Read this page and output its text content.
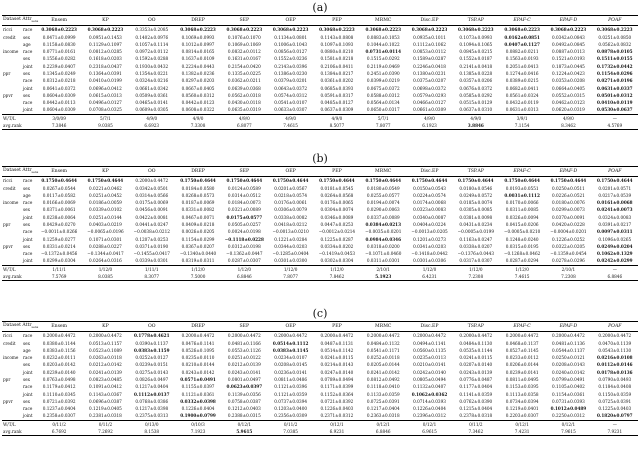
(a)
Dataset Attr$_{sens}$		Ensem	KP	OO	DREP	SEP	OEP	PEP	MRMC	Disc.EP	TSP.AP	EPAF-C	EPAF-D	POAF
ricci	race	0.3068±0.2223	0.3068±0.2223	0.3353±0.2085	0.3068±0.2223	0.3068±0.2223	0.3068±0.2223	0.3068±0.2223	0.3068±0.2223	0.3068±0.2223	0.3068±0.2223	0.3068±0.2223	0.3068±0.2223	0.3068±0.2223
credit	sex	0.0471±0.0999	0.0951±0.1453	0.1402±0.0976	0.1069±0.0993	0.1076±0.1070	0.1134±0.0801	0.1143±0.0808	0.0883±0.1053	0.0935±0.1011	0.1073±0.0993	0.0162±0.0851	0.0342±0.0843	0.0251±0.0850
	age	0.1158±0.0830	0.1129±0.1097	0.1057±0.1114	0.1012±0.0997	0.1069±0.1069	0.1006±0.1043	0.1097±0.1093	0.1044±0.1022	0.1112±0.1062	0.1094±0.1065	0.0407±0.1127	0.0492±0.0845	0.0562±0.0832
income	race	0.0771±0.0161	0.0812±0.0285	0.0972±0.0112	0.0814±0.0165	0.0832±0.0112	0.0856±0.0127	0.0880±0.0210	0.0731±0.0114	0.0853±0.0112	0.0845±0.0215	0.0882±0.0211	0.0887±0.0113	0.0878±0.0105
	sex	0.1556±0.0282	0.1618±0.0203	0.1592±0.0288	0.1637±0.0109	0.1631±0.0167	0.1552±0.0236	0.1581±0.0218	0.1515±0.0292	0.1589±0.0287	0.1552±0.0187	0.1563±0.0193	0.1521±0.0193	0.1511±0.0155
	joint	0.2239±0.0407	0.2318±0.0437	0.1930±0.0432	0.2224±0.0443	0.2154±0.0420	0.2143±0.0396	0.2106±0.0411	0.2119±0.0469	0.2246±0.0418	0.2141±0.0418	0.2051±0.0413	0.1873±0.0445	0.1732±0.0442
ppr	sex	0.1345±0.0249	0.1364±0.0391	0.1354±0.0221	0.1382±0.0236	0.1335±0.0225	0.1386±0.0230	0.1384±0.0217	0.2451±0.0390	0.1380±0.0231	0.1385±0.0228	0.1274±0.0416	0.1224±0.0423	0.1154±0.0296
	race	0.0312±0.0218	0.0410±0.0199	0.0324±0.0216	0.0297±0.0203	0.0362±0.0211	0.0379±0.0201	0.0361±0.0202	0.0399±0.0219	0.0375±0.0207	0.0357±0.0206	0.0389±0.0215	0.0353±0.0208	0.0271±0.0196
	joint	0.0641±0.0372	0.0696±0.0412	0.0661±0.0342	0.0667±0.0405	0.0639±0.0368	0.0643±0.0372	0.0685±0.0393	0.0675±0.0372	0.0698±0.0372	0.0676±0.0372	0.0682±0.0411	0.0664±0.0405	0.0631±0.0337
ppvr	sex	0.0604±0.0309	0.0615±0.0313	0.0509±0.0361	0.0560±0.0312	0.0562±0.0318	0.0574±0.0312	0.0591±0.0317	0.0588±0.0312	0.0579±0.0293	0.0585±0.0292	0.0561±0.0324	0.0552±0.0315	0.0501±0.0312
	race	0.0442±0.0113	0.0496±0.0127	0.0465±0.0141	0.0442±0.0123	0.0430±0.0118	0.0541±0.0107	0.0485±0.0127	0.0564±0.0134	0.0466±0.0127	0.0515±0.0129	0.0432±0.0119	0.0462±0.0123	0.0410±0.0119
	joint	0.0604±0.0309	0.0708±0.0325	0.0609±0.0305	0.0608±0.0322	0.0635±0.0319	0.0633±0.0307	0.0637±0.0309	0.0650±0.0317	0.0661±0.0309	0.0637±0.0310	0.0631±0.0313	0.0620±0.0319	0.0530±0.0637
W/T/L		3/0/09	5/7/1	4/9/0	4/9/0	4/9/0	4/9/0	4/9/0	5/7/1	4/9/0	4/9/0	3/9/1	4/9/0	—
avg.rank		7.3846	9.0385	6.6923	7.3308	6.8077	7.4615	8.5077	7.8077	6.1923	3.8846	7.1154	8.3462	4.5769
(b)
Dataset Attr$_{sens}$		Ensem	KP	OO	DREP	SEP	OEP	PEP	MRMC	Disc.EP	TSP.AP	EPAF-C	EPAF-D	POAF
ricci	race	0.1750±0.4644	0.1750±0.4644	0.2000±0.4472	0.1750±0.4644	0.1750±0.4644	0.1750±0.4644	0.1750±0.4644	0.1750±0.4644	0.1750±0.4644	0.1750±0.4644	0.1750±0.4644	0.1750±0.4644	0.1750±0.4644
credit	sex	0.0267±0.0544	0.0221±0.0462	0.0342±0.0501	0.0184±0.0580	0.0124±0.0589	0.0201±0.0567	0.0181±0.0545	0.0180±0.0549	0.0150±0.0543	0.0180±0.0546	0.0193±0.0551	0.0250±0.0511	0.0201±0.0571
	age	0.0117±0.0582	0.0251±0.0452	0.0314±0.0566	0.0268±0.0573	0.0314±0.0512	0.0218±0.0574	0.0264±0.0568	0.0255±0.0577	0.0224±0.0574	0.0249±0.0572	0.0031±0.1112	0.0226±0.0521	0.0217±0.0539
income	race	0.0166±0.0069	0.0186±0.0059	0.0175±0.0069	0.0187±0.0069	0.0184±0.0073	0.0176±0.0061	0.0176±0.0065	0.0194±0.0074	0.0174±0.0068	0.0185±0.0074	0.0170±0.0066	0.0180±0.0076	0.0161±0.0068
	sex	0.0371±0.0061	0.0339±0.0102	0.0456±0.0091	0.0331±0.0082	0.0321±0.0089	0.0306±0.0079	0.0304±0.0074	0.0290±0.0063	0.0323±0.0083	0.0305±0.0085	0.0311±0.0085	0.0299±0.0073	0.0241±0.0073
	joint	0.0238±0.0064	0.0251±0.0144	0.0422±0.0081	0.0467±0.0071	0.0175±0.0577	0.0338±0.0082	0.0346±0.0089	0.0337±0.0089	0.0340±0.0087	0.0381±0.0098	0.0326±0.0094	0.0370±0.0091	0.0324±0.0083
ppr	sex	0.0429±0.0270	0.0403±0.0219	0.0441±0.0247	0.0409±0.0218	0.0505±0.0257	0.0418±0.0212	0.0447±0.0253	0.0384±0.0213	0.0404±0.0224	0.0431±0.0234	0.0415±0.0206	0.0420±0.0228	0.0391±0.0217
	race	−0.0011±0.0266	−0.0065±0.0196	−0.0038±0.0212	0.0026±0.0205	0.0024±0.0198	−0.0013±0.0210	−0.0012±0.0214	−0.0035±0.0201	−0.0013±0.0205	−0.0005±0.0199	−0.0005±0.0210	−0.0004±0.0201	0.0097±0.0311
	joint	0.1259±0.0277	0.1071±0.0301	0.1207±0.0253	0.1154±0.0299	−0.1118±0.0228	0.1221±0.0284	0.1225±0.0287	0.0984±0.0346	0.1201±0.0273	0.1163±0.0247	0.1248±0.0240	0.1226±0.0252	0.1096±0.0265
ppvr	sex	0.0331±0.0214	0.0288±0.0227	0.0371±0.0190	0.0367±0.0207	0.0312±0.0198	0.0344±0.0203	0.0334±0.0202	0.0318±0.0200	0.0341±0.0203	0.0338±0.0207	0.0315±0.0195	0.0322±0.0205	0.0249±0.0204
	race	−0.1372±0.0456	−0.1344±0.0417	−0.1455±0.0417	−0.1340±0.0440	−0.1362±0.0447	−0.1285±0.0404	−0.1419±0.0453	−0.1071±0.0460	−0.1418±0.0442	−0.1376±0.0443	−0.1268±0.0462	−0.1359±0.0454	0.1062±0.1329
	joint	0.0299±0.0304	0.0264±0.0316	0.0339±0.0301	0.0319±0.0311	0.0287±0.0307	0.0301±0.0300	0.0302±0.0304	0.0311±0.0301	0.0301±0.0306	0.0317±0.0307	0.0287±0.0294	0.0278±0.0296	0.0242±0.0299
W/T/L		1/11/1	1/12/0	1/11/1	1/12/0	1/12/0	1/12/0	1/12/0	2/10/1	1/12/0	1/12/0	1/12/0	2/10/1	—
avg.rank		7.5769	8.0385	8.3077	7.5000	6.8846	7.8077	7.8462	5.1923	6.4231	7.2308	7.4615	7.2308	6.8846
(c)
Dataset Attr$_{sens}$		Ensem	KP	OO	DREP	SEP	OEP	PEP	MRMC	Disc.EP	TSP.AP	EPAF-C	EPAF-D	POAF
ricci	race	0.2000±0.4472	0.2000±0.4472	0.1778±0.4621	0.2000±0.4472	0.2000±0.4472	0.2000±0.4472	0.2000±0.4472	0.2000±0.4472	0.2000±0.4472	0.2000±0.4472	0.2000±0.4472	0.2000±0.4472	0.2000±0.4472
credit	sex	0.0380±0.1144	0.0513±0.1157	0.0390±0.1137	0.0476±0.1141	0.0481±0.1166	0.0514±0.1112	0.0487±0.1131	0.0484±0.1132	0.0494±0.1141	0.0484±0.1130	0.0468±0.1137	0.0481±0.1136	0.0470±0.1139
	age	0.0383±0.1156	0.0523±0.1089	0.0383±0.1159	0.0526±0.1095	0.0553±0.1126	0.0383±0.1145	0.0514±0.1142	0.0541±0.1171	0.0560±0.1135	0.0535±0.1144	0.0527±0.1145	0.0544±0.1137	0.0543±0.1130
income	race	0.0232±0.0111	0.0263±0.0118	0.0252±0.0127	0.0235±0.0110	0.0251±0.0122	0.0234±0.0107	0.0241±0.0115	0.0252±0.0118	0.0235±0.0113	0.0241±0.0115	0.0233±0.0112	0.0250±0.0121	0.0216±0.0108
	sex	0.0203±0.0142	0.0212±0.0142	0.0239±0.0151	0.0210±0.0144	0.0212±0.0139	0.0208±0.0145	0.0214±0.0143	0.0205±0.0144	0.0210±0.0141	0.0207±0.0140	0.0206±0.0144	0.0208±0.0143	0.0112±0.0146
	joint	0.0239±0.0140	0.0241±0.0139	0.0275±0.0143	0.0243±0.0142	0.0243±0.0141	0.0236±0.0141	0.0247±0.0140	0.0241±0.0142	0.0242±0.0140	0.0243±0.0139	0.0239±0.0141	0.0240±0.0142	0.0178±0.0136
ppr	sex	0.0763±0.0498	0.0823±0.0485	0.0826±0.0497	0.0571±0.0491	0.0801±0.0497	0.0811±0.0486	0.0789±0.0494	0.0812±0.0492	0.0805±0.0494	0.0776±0.0487	0.0811±0.0495	0.0799±0.0491	0.0790±0.0493
	race	0.1179±0.0412	0.1091±0.0412	0.1217±0.0404	0.1155±0.0397	0.0623±0.0397	0.1121±0.0396	0.1171±0.0399	0.1118±0.0410	0.1132±0.0407	0.1177±0.0404	0.1153±0.0395	0.1105±0.0402	0.1184±0.0408
	joint	0.1110±0.0345	0.1143±0.0367	0.1112±0.0137	0.1121±0.0361	0.1139±0.0356	0.1121±0.0359	0.1152±0.0364	0.1133±0.0359	0.1062±0.0362	0.1141±0.0359	0.1113±0.0358	0.1154±0.0361	0.1150±0.0359
ppvr	sex	0.0721±0.0392	0.0696±0.0387	0.0768±0.0386	0.0332±0.0398	0.0758±0.0387	0.0737±0.0394	0.0721±0.0392	0.0725±0.0391	0.0714±0.0393	0.0762±0.0390	0.0734±0.0394	0.0731±0.0393	0.0725±0.0391
	race	0.1237±0.0404	0.1219±0.0405	0.1217±0.0398	0.1226±0.0404	0.1212±0.0403	0.1203±0.0400	0.1226±0.0403	0.1217±0.0404	0.1226±0.0404	0.1215±0.0404	0.1219±0.0401	0.1012±0.0489	0.1225±0.0403
	joint	0.2358±0.0307	0.2381±0.0318	0.2375±0.0313	0.1900±0.0799	0.2388±0.0315	0.2356±0.0309	0.2371±0.0312	0.2363±0.0318	0.2396±0.0312	0.2378±0.0318	0.2203±0.0307	0.2250±0.0312	0.1820±0.0797
W/T/L		0/11/2	0/11/2	0/13/0	0/10/3	0/12/1	0/11/2	0/12/1	0/12/1	0/12/1	0/11/2	0/12/1	0/12/1	—
avg.rank		6.7692	7.2692	8.1538	7.1923	5.9615	7.0385	6.9231	6.8846	6.9615	7.3462	7.4231	7.9615	7.9231
